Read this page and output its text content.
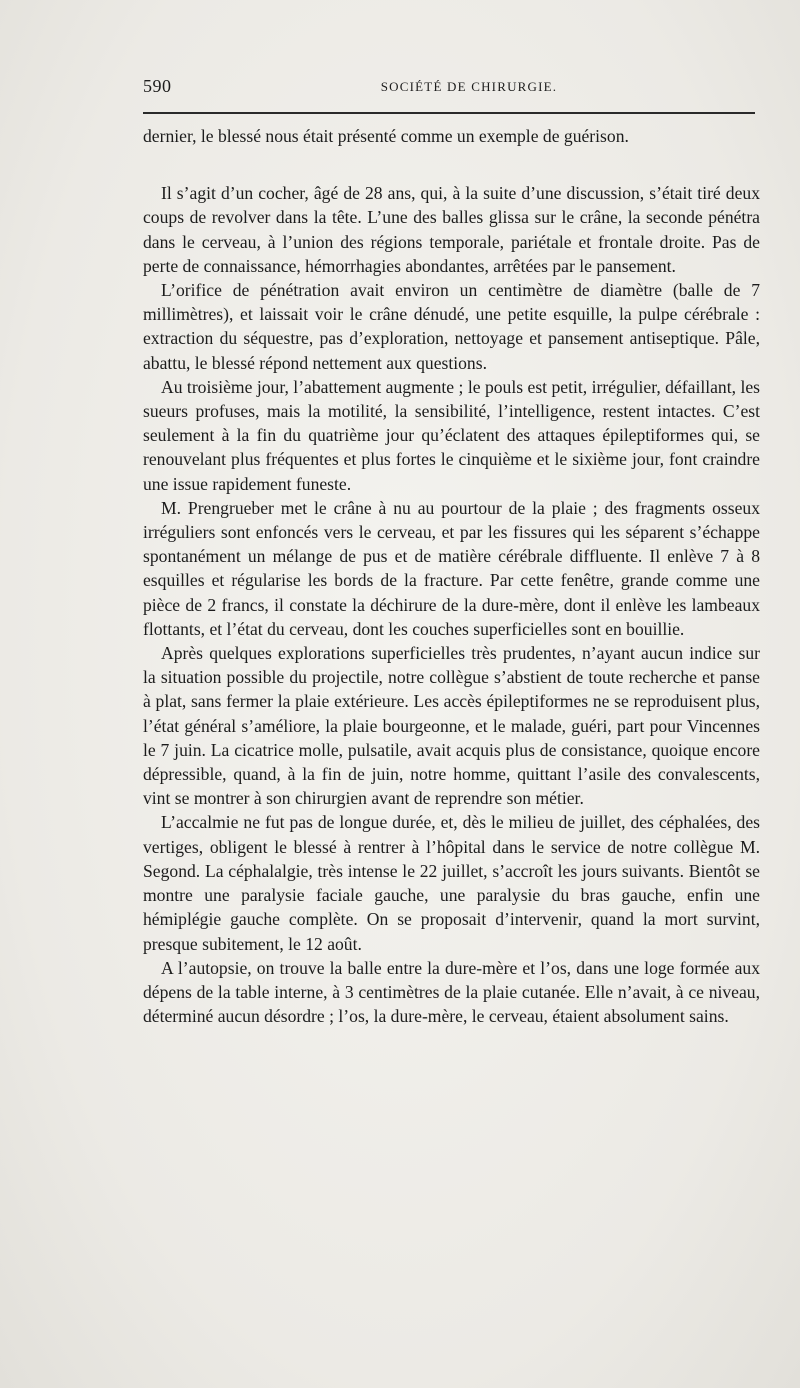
590	SOCIÉTÉ DE CHIRURGIE.

dernier, le blessé nous était présenté comme un exemple de guérison.

Il s’agit d’un cocher, âgé de 28 ans, qui, à la suite d’une discussion, s’était tiré deux coups de revolver dans la tête. L’une des balles glissa sur le crâne, la seconde pénétra dans le cerveau, à l’union des régions temporale, pariétale et frontale droite. Pas de perte de connaissance, hémorrhagies abondantes, arrêtées par le pansement.

L’orifice de pénétration avait environ un centimètre de diamètre (balle de 7 millimètres), et laissait voir le crâne dénudé, une petite esquille, la pulpe cérébrale : extraction du séquestre, pas d’exploration, nettoyage et pansement antiseptique. Pâle, abattu, le blessé répond nettement aux questions.

Au troisième jour, l’abattement augmente ; le pouls est petit, irrégulier, défaillant, les sueurs profuses, mais la motilité, la sensibilité, l’intelligence, restent intactes. C’est seulement à la fin du quatrième jour qu’éclatent des attaques épileptiformes qui, se renouvelant plus fréquentes et plus fortes le cinquième et le sixième jour, font craindre une issue rapidement funeste.

M. Prengrueber met le crâne à nu au pourtour de la plaie ; des fragments osseux irréguliers sont enfoncés vers le cerveau, et par les fissures qui les séparent s’échappe spontanément un mélange de pus et de matière cérébrale diffluente. Il enlève 7 à 8 esquilles et régularise les bords de la fracture. Par cette fenêtre, grande comme une pièce de 2 francs, il constate la déchirure de la dure-mère, dont il enlève les lambeaux flottants, et l’état du cerveau, dont les couches superficielles sont en bouillie.

Après quelques explorations superficielles très prudentes, n’ayant aucun indice sur la situation possible du projectile, notre collègue s’abstient de toute recherche et panse à plat, sans fermer la plaie extérieure. Les accès épileptiformes ne se reproduisent plus, l’état général s’améliore, la plaie bourgeonne, et le malade, guéri, part pour Vincennes le 7 juin. La cicatrice molle, pulsatile, avait acquis plus de consistance, quoique encore dépressible, quand, à la fin de juin, notre homme, quittant l’asile des convalescents, vint se montrer à son chirurgien avant de reprendre son métier.

L’accalmie ne fut pas de longue durée, et, dès le milieu de juillet, des céphalées, des vertiges, obligent le blessé à rentrer à l’hôpital dans le service de notre collègue M. Segond. La céphalalgie, très intense le 22 juillet, s’accroît les jours suivants. Bientôt se montre une paralysie faciale gauche, une paralysie du bras gauche, enfin une hémiplégie gauche complète. On se proposait d’intervenir, quand la mort survint, presque subitement, le 12 août.

A l’autopsie, on trouve la balle entre la dure-mère et l’os, dans une loge formée aux dépens de la table interne, à 3 centimètres de la plaie cutanée. Elle n’avait, à ce niveau, déterminé aucun désordre ; l’os, la dure-mère, le cerveau, étaient absolument sains.
